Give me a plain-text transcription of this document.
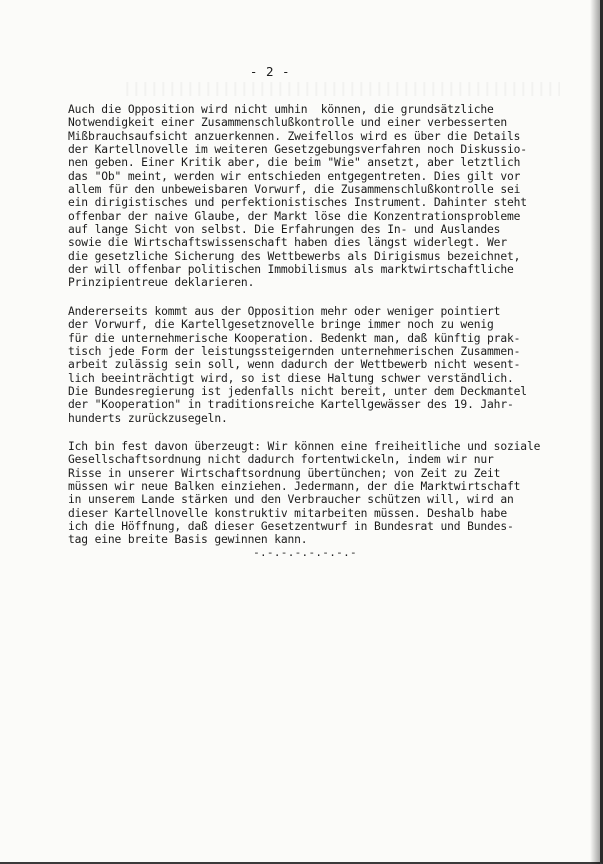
- 2 -
Auch die Opposition wird nicht umhin  können, die grundsätzliche
Notwendigkeit einer Zusammenschlußkontrolle und einer verbesserten
Mißbrauchsaufsicht anzuerkennen. Zweifellos wird es über die Details
der Kartellnovelle im weiteren Gesetzgebungsverfahren noch Diskussio-
nen geben. Einer Kritik aber, die beim "Wie" ansetzt, aber letztlich
das "Ob" meint, werden wir entschieden entgegentreten. Dies gilt vor
allem für den unbeweisbaren Vorwurf, die Zusammenschlußkontrolle sei
ein dirigistisches und perfektionistisches Instrument. Dahinter steht
offenbar der naive Glaube, der Markt löse die Konzentrationsprobleme
auf lange Sicht von selbst. Die Erfahrungen des In- und Auslandes
sowie die Wirtschaftswissenschaft haben dies längst widerlegt. Wer
die gesetzliche Sicherung des Wettbewerbs als Dirigismus bezeichnet,
der will offenbar politischen Immobilismus als marktwirtschaftliche
Prinzipientreue deklarieren.
Andererseits kommt aus der Opposition mehr oder weniger pointiert
der Vorwurf, die Kartellgesetznovelle bringe immer noch zu wenig
für die unternehmerische Kooperation. Bedenkt man, daß künftig prak-
tisch jede Form der leistungssteigernden unternehmerischen Zusammen-
arbeit zulässig sein soll, wenn dadurch der Wettbewerb nicht wesent-
lich beeinträchtigt wird, so ist diese Haltung schwer verständlich.
Die Bundesregierung ist jedenfalls nicht bereit, unter dem Deckmantel
der "Kooperation" in traditionsreiche Kartellgewässer des 19. Jahr-
hunderts zurückzusegeln.
Ich bin fest davon überzeugt: Wir können eine freiheitliche und soziale
Gesellschaftsordnung nicht dadurch fortentwickeln, indem wir nur
Risse in unserer Wirtschaftsordnung übertünchen; von Zeit zu Zeit
müssen wir neue Balken einziehen. Jedermann, der die Marktwirtschaft
in unserem Lande stärken und den Verbraucher schützen will, wird an
dieser Kartellnovelle konstruktiv mitarbeiten müssen. Deshalb habe
ich die Höffnung, daß dieser Gesetzentwurf in Bundesrat und Bundes-
tag eine breite Basis gewinnen kann.
-.-.-.-.-.-.-.-
